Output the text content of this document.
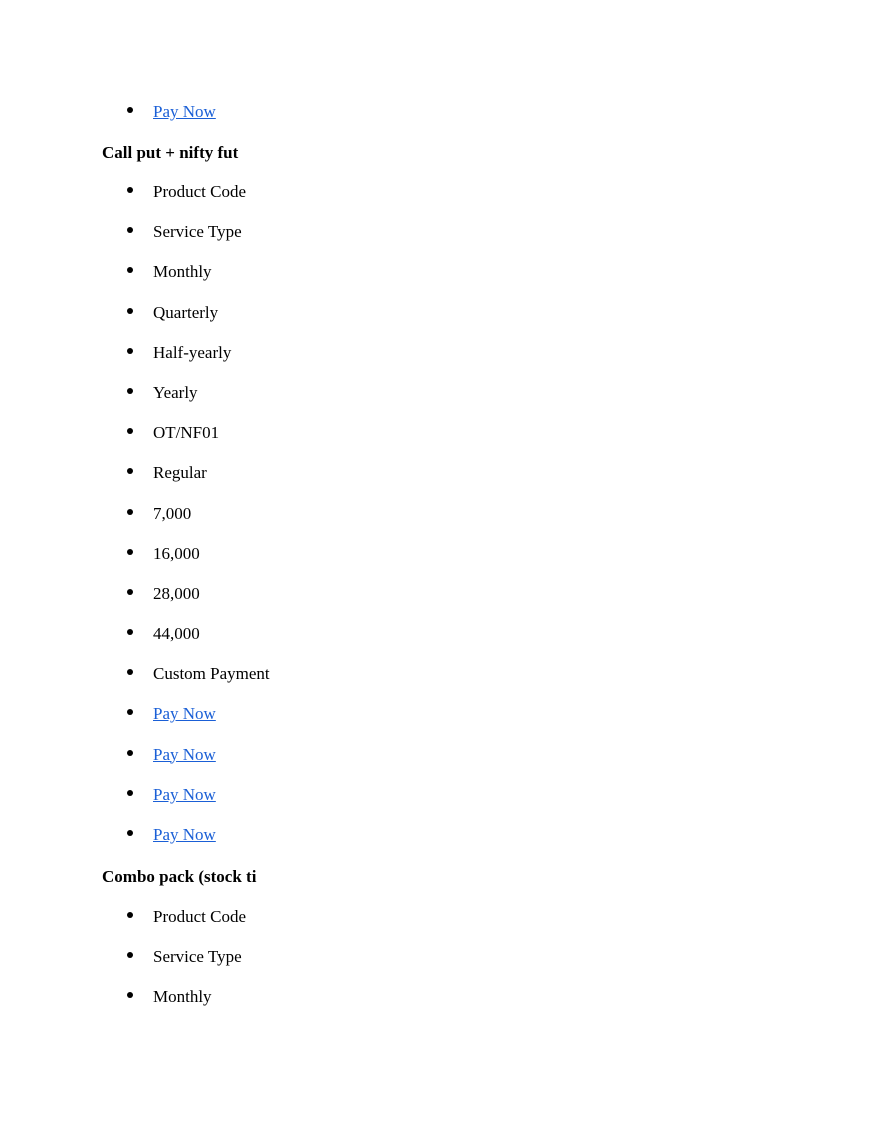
Pay Now
Call put + nifty fut
Product Code
Service Type
Monthly
Quarterly
Half-yearly
Yearly
OT/NF01
Regular
7,000
16,000
28,000
44,000
Custom Payment
Pay Now
Pay Now
Pay Now
Pay Now
Combo pack (stock ti
Product Code
Service Type
Monthly
